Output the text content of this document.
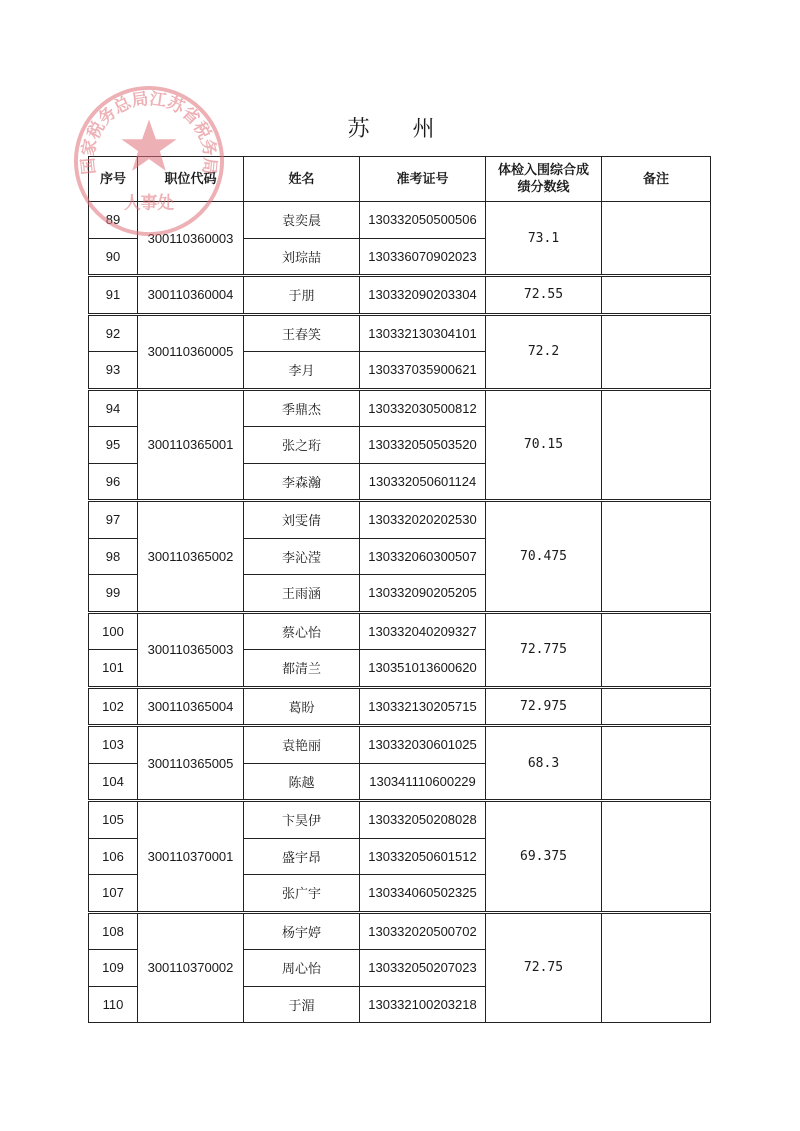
苏 州
序号	职位代码	姓名	准考证号	体检入围综合成绩分数线	备注
89	300110360003	袁奕晨	130332050500506	73.1	
90		刘琮喆	130336070902023		

91	300110360004	于朋	130332090203304	72.55	

92	300110360005	王春笑	130332130304101	72.2	
93		李月	130337035900621		

94	300110365001	季鼎杰	130332030500812	70.15	
95		张之珩	130332050503520		
96		李森瀚	130332050601124		

97	300110365002	刘雯倩	130332020202530	70.475	
98		李沁滢	130332060300507		
99		王雨涵	130332090205205		

100	300110365003	蔡心怡	130332040209327	72.775	
101		都清兰	130351013600620		

102	300110365004	葛盼	130332130205715	72.975	

103	300110365005	袁艳丽	130332030601025	68.3	
104		陈越	130341110600229		

105	300110370001	卞昊伊	130332050208028	69.375	
106		盛宇昂	130332050601512		
107		张广宇	130334060502325		

108	300110370002	杨宇婷	130332020500702	72.75	
109		周心怡	130332050207023		
110		于湄	130332100203218		
国家税务总局江苏省税务局
人事处
